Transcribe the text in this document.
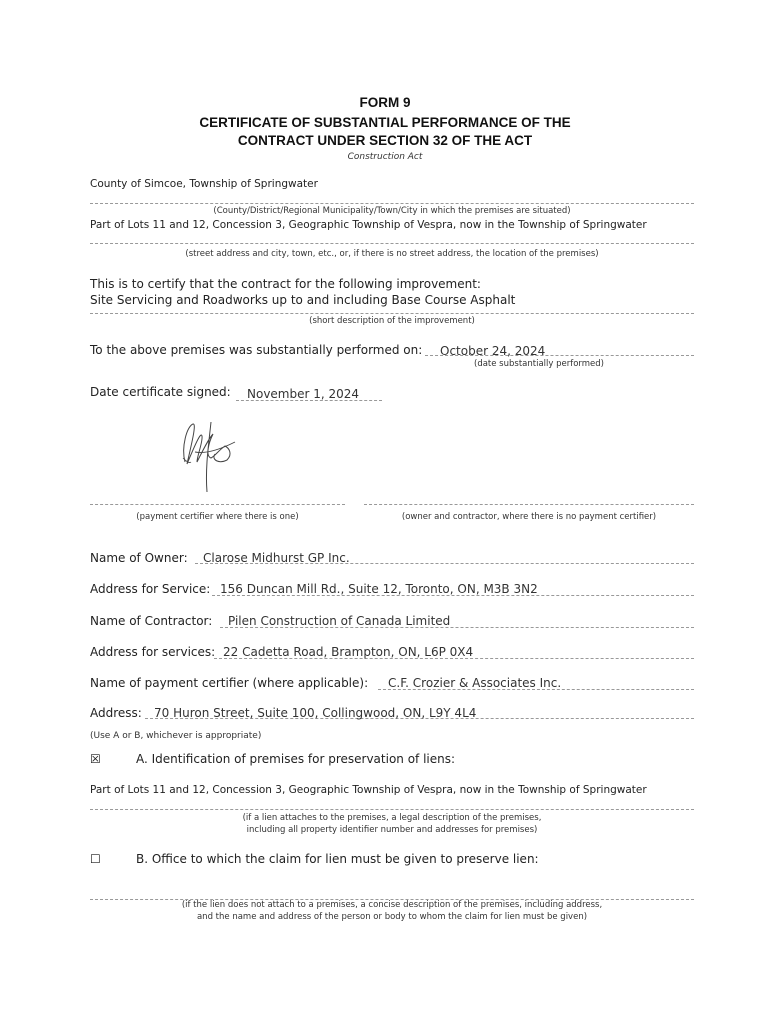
FORM 9
CERTIFICATE OF SUBSTANTIAL PERFORMANCE OF THE
CONTRACT UNDER SECTION 32 OF THE ACT
Construction Act
County of Simcoe, Township of Springwater
(County/District/Regional Municipality/Town/City in which the premises are situated)
Part of Lots 11 and 12, Concession 3, Geographic Township of Vespra, now in the Township of Springwater
(street address and city, town, etc., or, if there is no street address, the location of the premises)
This is to certify that the contract for the following improvement:
Site Servicing and Roadworks up to and including Base Course Asphalt
(short description of the improvement)
To the above premises was substantially performed on: October 24, 2024
(date substantially performed)
Date certificate signed: November 1, 2024
(payment certifier where there is one)	(owner and contractor, where there is no payment certifier)
Name of Owner: Clarose Midhurst GP Inc.
Address for Service: 156 Duncan Mill Rd., Suite 12, Toronto, ON, M3B 3N2
Name of Contractor: Pilen Construction of Canada Limited
Address for services: 22 Cadetta Road, Brampton, ON, L6P 0X4
Name of payment certifier (where applicable): C.F. Crozier & Associates Inc.
Address: 70 Huron Street, Suite 100, Collingwood, ON, L9Y 4L4
(Use A or B, whichever is appropriate)
☒	A. Identification of premises for preservation of liens:
Part of Lots 11 and 12, Concession 3, Geographic Township of Vespra, now in the Township of Springwater
(if a lien attaches to the premises, a legal description of the premises,
including all property identifier number and addresses for premises)
☐	B. Office to which the claim for lien must be given to preserve lien:
(if the lien does not attach to a premises, a concise description of the premises, including address,
and the name and address of the person or body to whom the claim for lien must be given)
